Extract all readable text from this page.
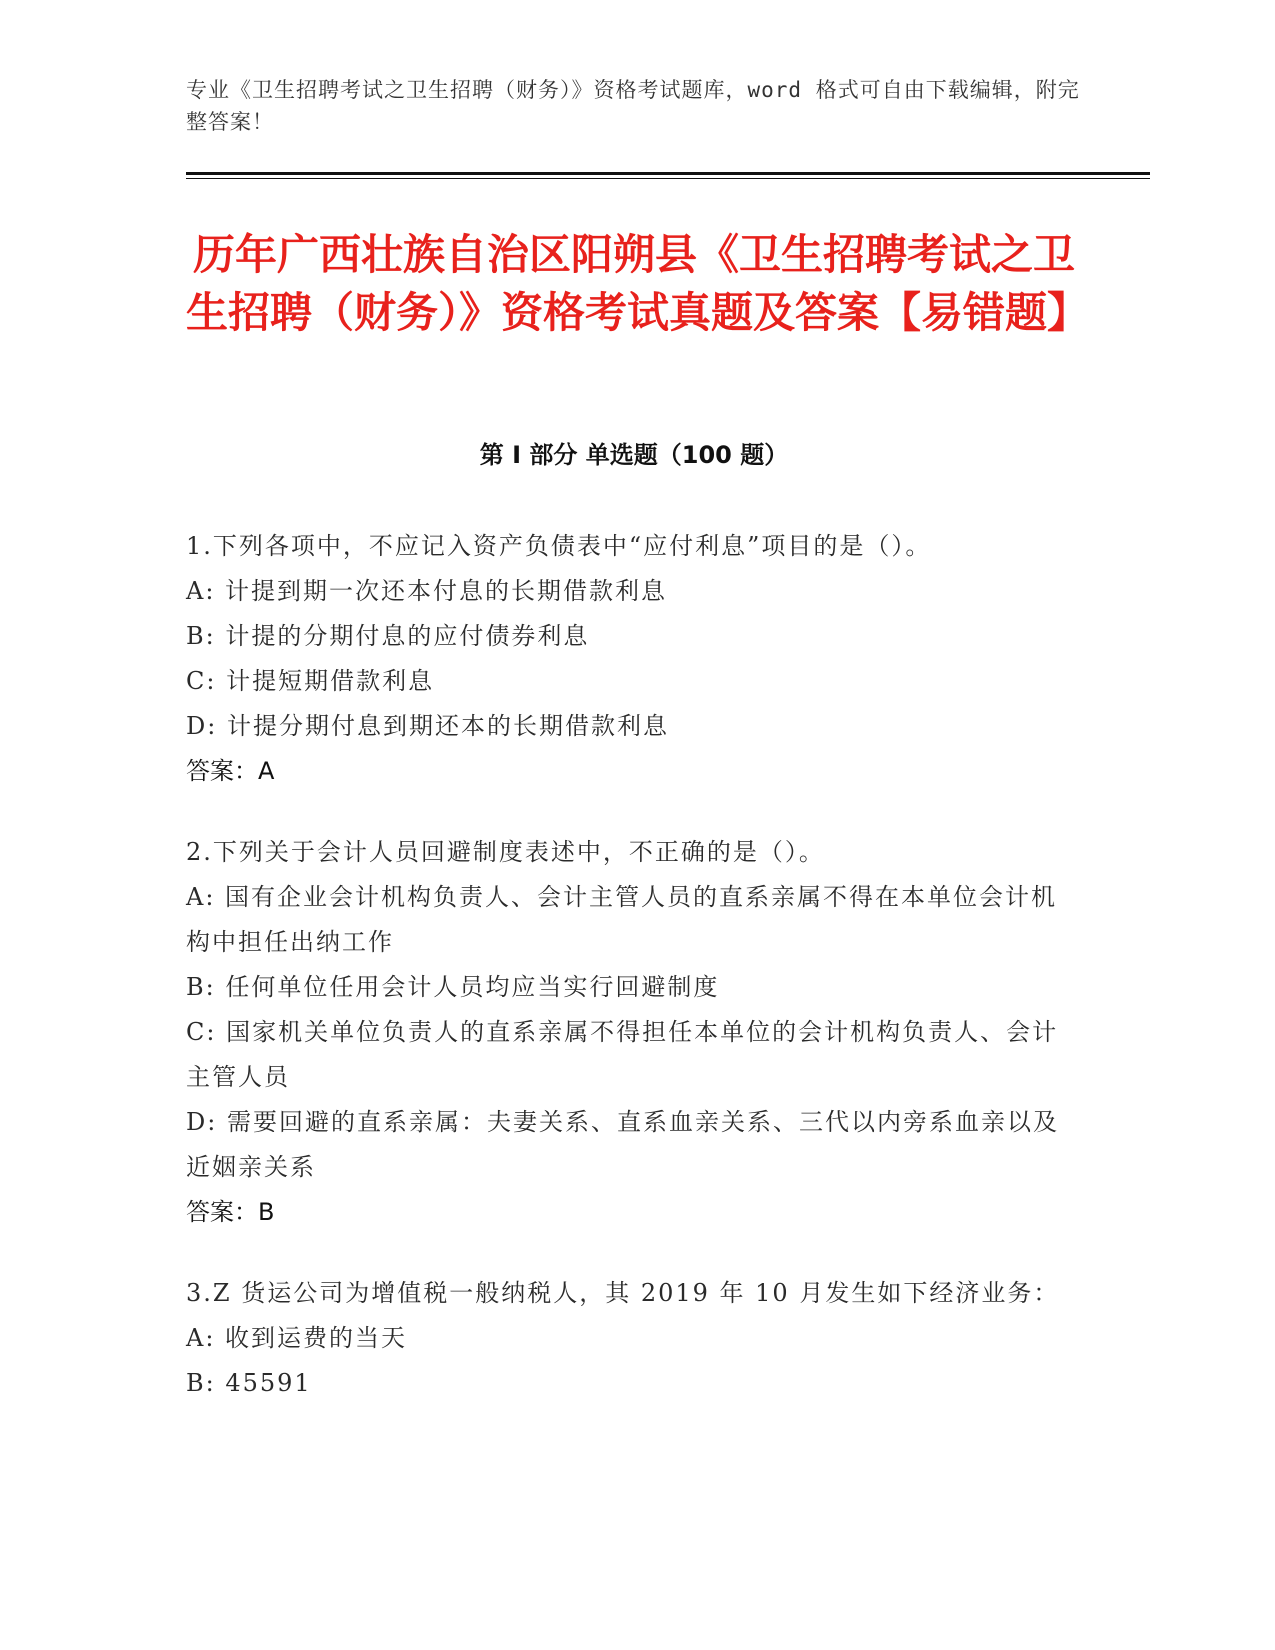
专业《卫生招聘考试之卫生招聘（财务）》资格考试题库，word 格式可自由下载编辑，附完整答案！
历年广西壮族自治区阳朔县《卫生招聘考试之卫生招聘（财务）》资格考试真题及答案【易错题】
第 I 部分 单选题（100 题）

1.下列各项中，不应记入资产负债表中“应付利息”项目的是（）。

A: 计提到期一次还本付息的长期借款利息

B: 计提的分期付息的应付债券利息

C: 计提短期借款利息

D: 计提分期付息到期还本的长期借款利息

答案：A

2.下列关于会计人员回避制度表述中，不正确的是（）。

A: 国有企业会计机构负责人、会计主管人员的直系亲属不得在本单位会计机构中担任出纳工作

B: 任何单位任用会计人员均应当实行回避制度

C: 国家机关单位负责人的直系亲属不得担任本单位的会计机构负责人、会计主管人员

D: 需要回避的直系亲属：夫妻关系、直系血亲关系、三代以内旁系血亲以及近姻亲关系

答案：B

3.Z 货运公司为增值税一般纳税人，其 2019 年 10 月发生如下经济业务：

A: 收到运费的当天

B: 45591
